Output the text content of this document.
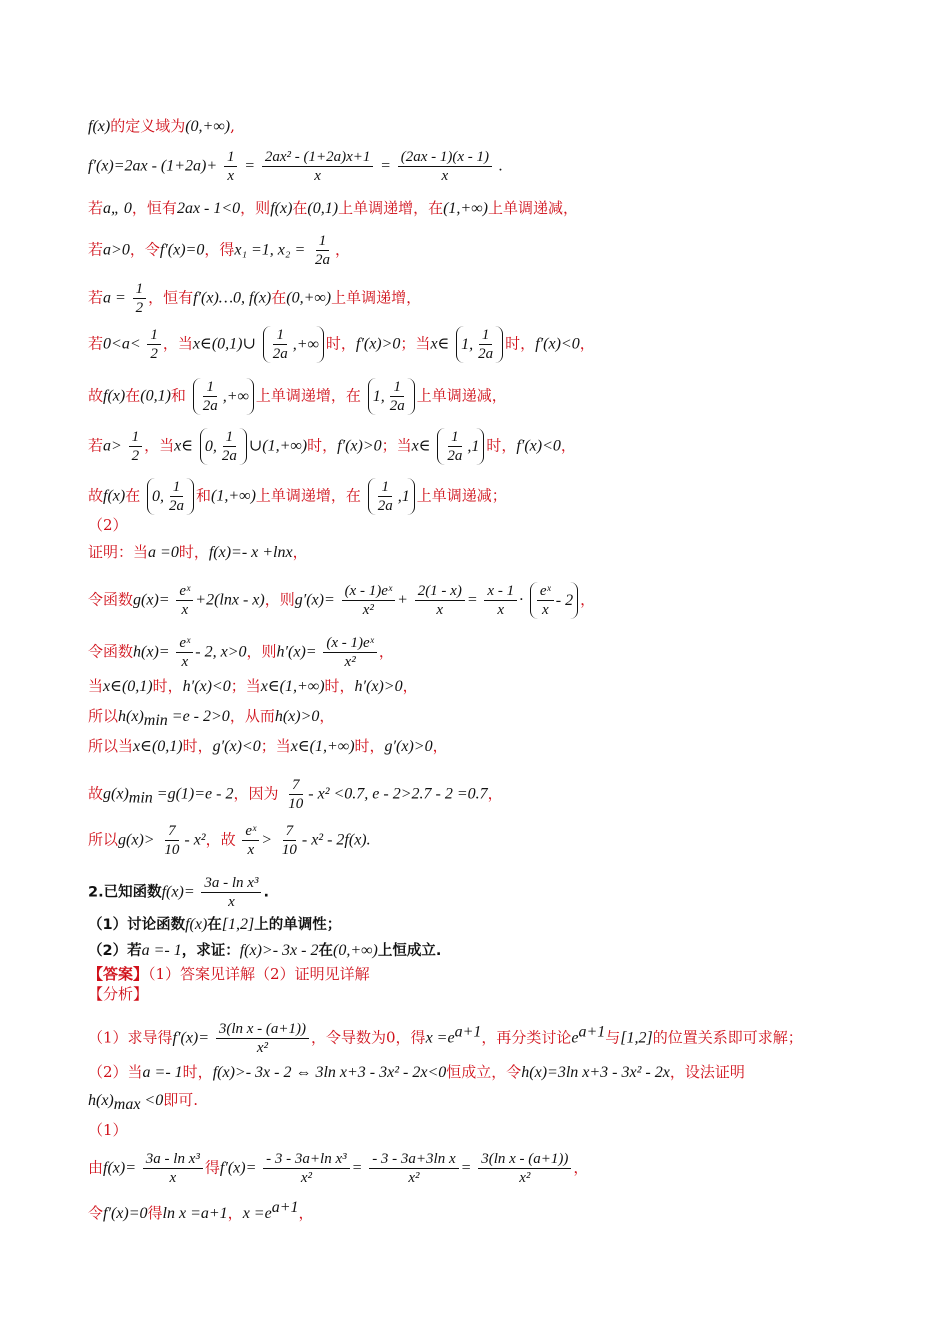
f(x)的定义域为(0,+∞),
$f'(x)=2ax - (1+2a)+ \frac{1}{x} = \frac{\text{2ax² - (1+2a)x+1}}{x} = \frac{(2ax - 1)(x - 1)}{x}$ .
若a„ 0，恒有2ax - 1<0，则f(x)在(0,1)上单调递增，在(1,+∞)上单调递减，
若a>0，令f′(x)=0，得x₁ =1, $x_2 = \frac{1}{2a}$ ，
若$a = \frac{1}{2}$ ，恒有f′(x)…0, f(x)在(0,+∞)上单调递增，
若$0<a< \frac{1}{2}$ ，当x∈(0,1)∪ $\frac{1}{2a}$ ,+∞ 时，f′(x)>0；当x∈ 1, $\frac{1}{2a}$ 时，f′(x)<0，
故f(x)在(0,1)和 $\frac{1}{2a}$ ,+∞ 上单调递增，在 1, $\frac{1}{2a}$ 上单调递减，
若$a> \frac{1}{2}$ ，当x∈ 0, $\frac{1}{2a}$ ∪(1,+∞)时，f′(x)>0；当x∈ $\frac{1}{2a} ,1$ 时，f′(x)<0，
故f(x)在 0, $\frac{1}{2a}$ 和(1,+∞)上单调递增，在 $\frac{1}{2a} ,1$ 上单调递减；
（2）
证明：当a =0时，f(x)=- x +lnx，
令函数$g(x)= \frac{\text{eˣ}}{x} +2(\ln x - x)$，则$g'(x)= \frac{\text{(x - 1)eˣ}}{\text{x²}} + \frac{2(1 - x)}{x} = \frac{x - 1}{x} \cdot \frac{\text{eˣ}}{x} - 2$ ，
令函数$h(x)= \frac{\text{eˣ}}{x} - 2$, x>0，则$h'(x)= \frac{\text{(x - 1)eˣ}}{\text{x²}}$ ，
当x∈(0,1)时，h′(x)<0；当x∈(1,+∞)时，h′(x)>0，
所以$h(x)_{min} =e - 2>0$，从而h(x)>0，
所以当x∈(0,1)时，g′(x)<0；当x∈(1,+∞)时，g′(x)>0，
故$g(x)_{min} =g(1)=e - 2$，因为 $\frac{7}{10} - x^2 <0.7$, e - 2>2.7 - 2 =0.7，
所以$g(x)> \frac{7}{10} - x^2$，故 $\frac{\text{eˣ}}{x} > \frac{7}{10} - x^2 - 2f(x)$.
2.已知函数$f(x)= \frac{\text{3a - ln x³}}{x}$ .
（1）讨论函数f(x)在[1,2]上的单调性；
（2）若a =- 1，求证：f(x)>- 3x - 2在(0,+∞)上恒成立.
【答案】（1）答案见详解（2）证明见详解
【分析】
（1）求导得$f'(x)= \frac{\text{3(ln x - (a+1))}}{\text{x²}}$ ，令导数为0，得$x =e^{a+1}$，再分类讨论$e^{a+1}$与[1,2]的位置关系即可求解；
（2）当a =- 1时，f(x)>- 3x - 2 ⇔ 3ln x+3 - 3x² - 2x<0恒成立，令h(x)=3ln x+3 - 3x² - 2x，设法证明
$h(x)_{max} <0$即可.
（1）
由$f(x)= \frac{\text{3a - ln x³}}{x}$ 得$f'(x)= \frac{\text{- 3 - 3a+ln x³}}{\text{x²}} = \frac{\text{- 3 - 3a+3ln x}}{\text{x²}} = \frac{\text{3(ln x - (a+1))}}{\text{x²}}$ ，
令f′(x)=0得ln x =a+1，$x =e^{a+1}$，
